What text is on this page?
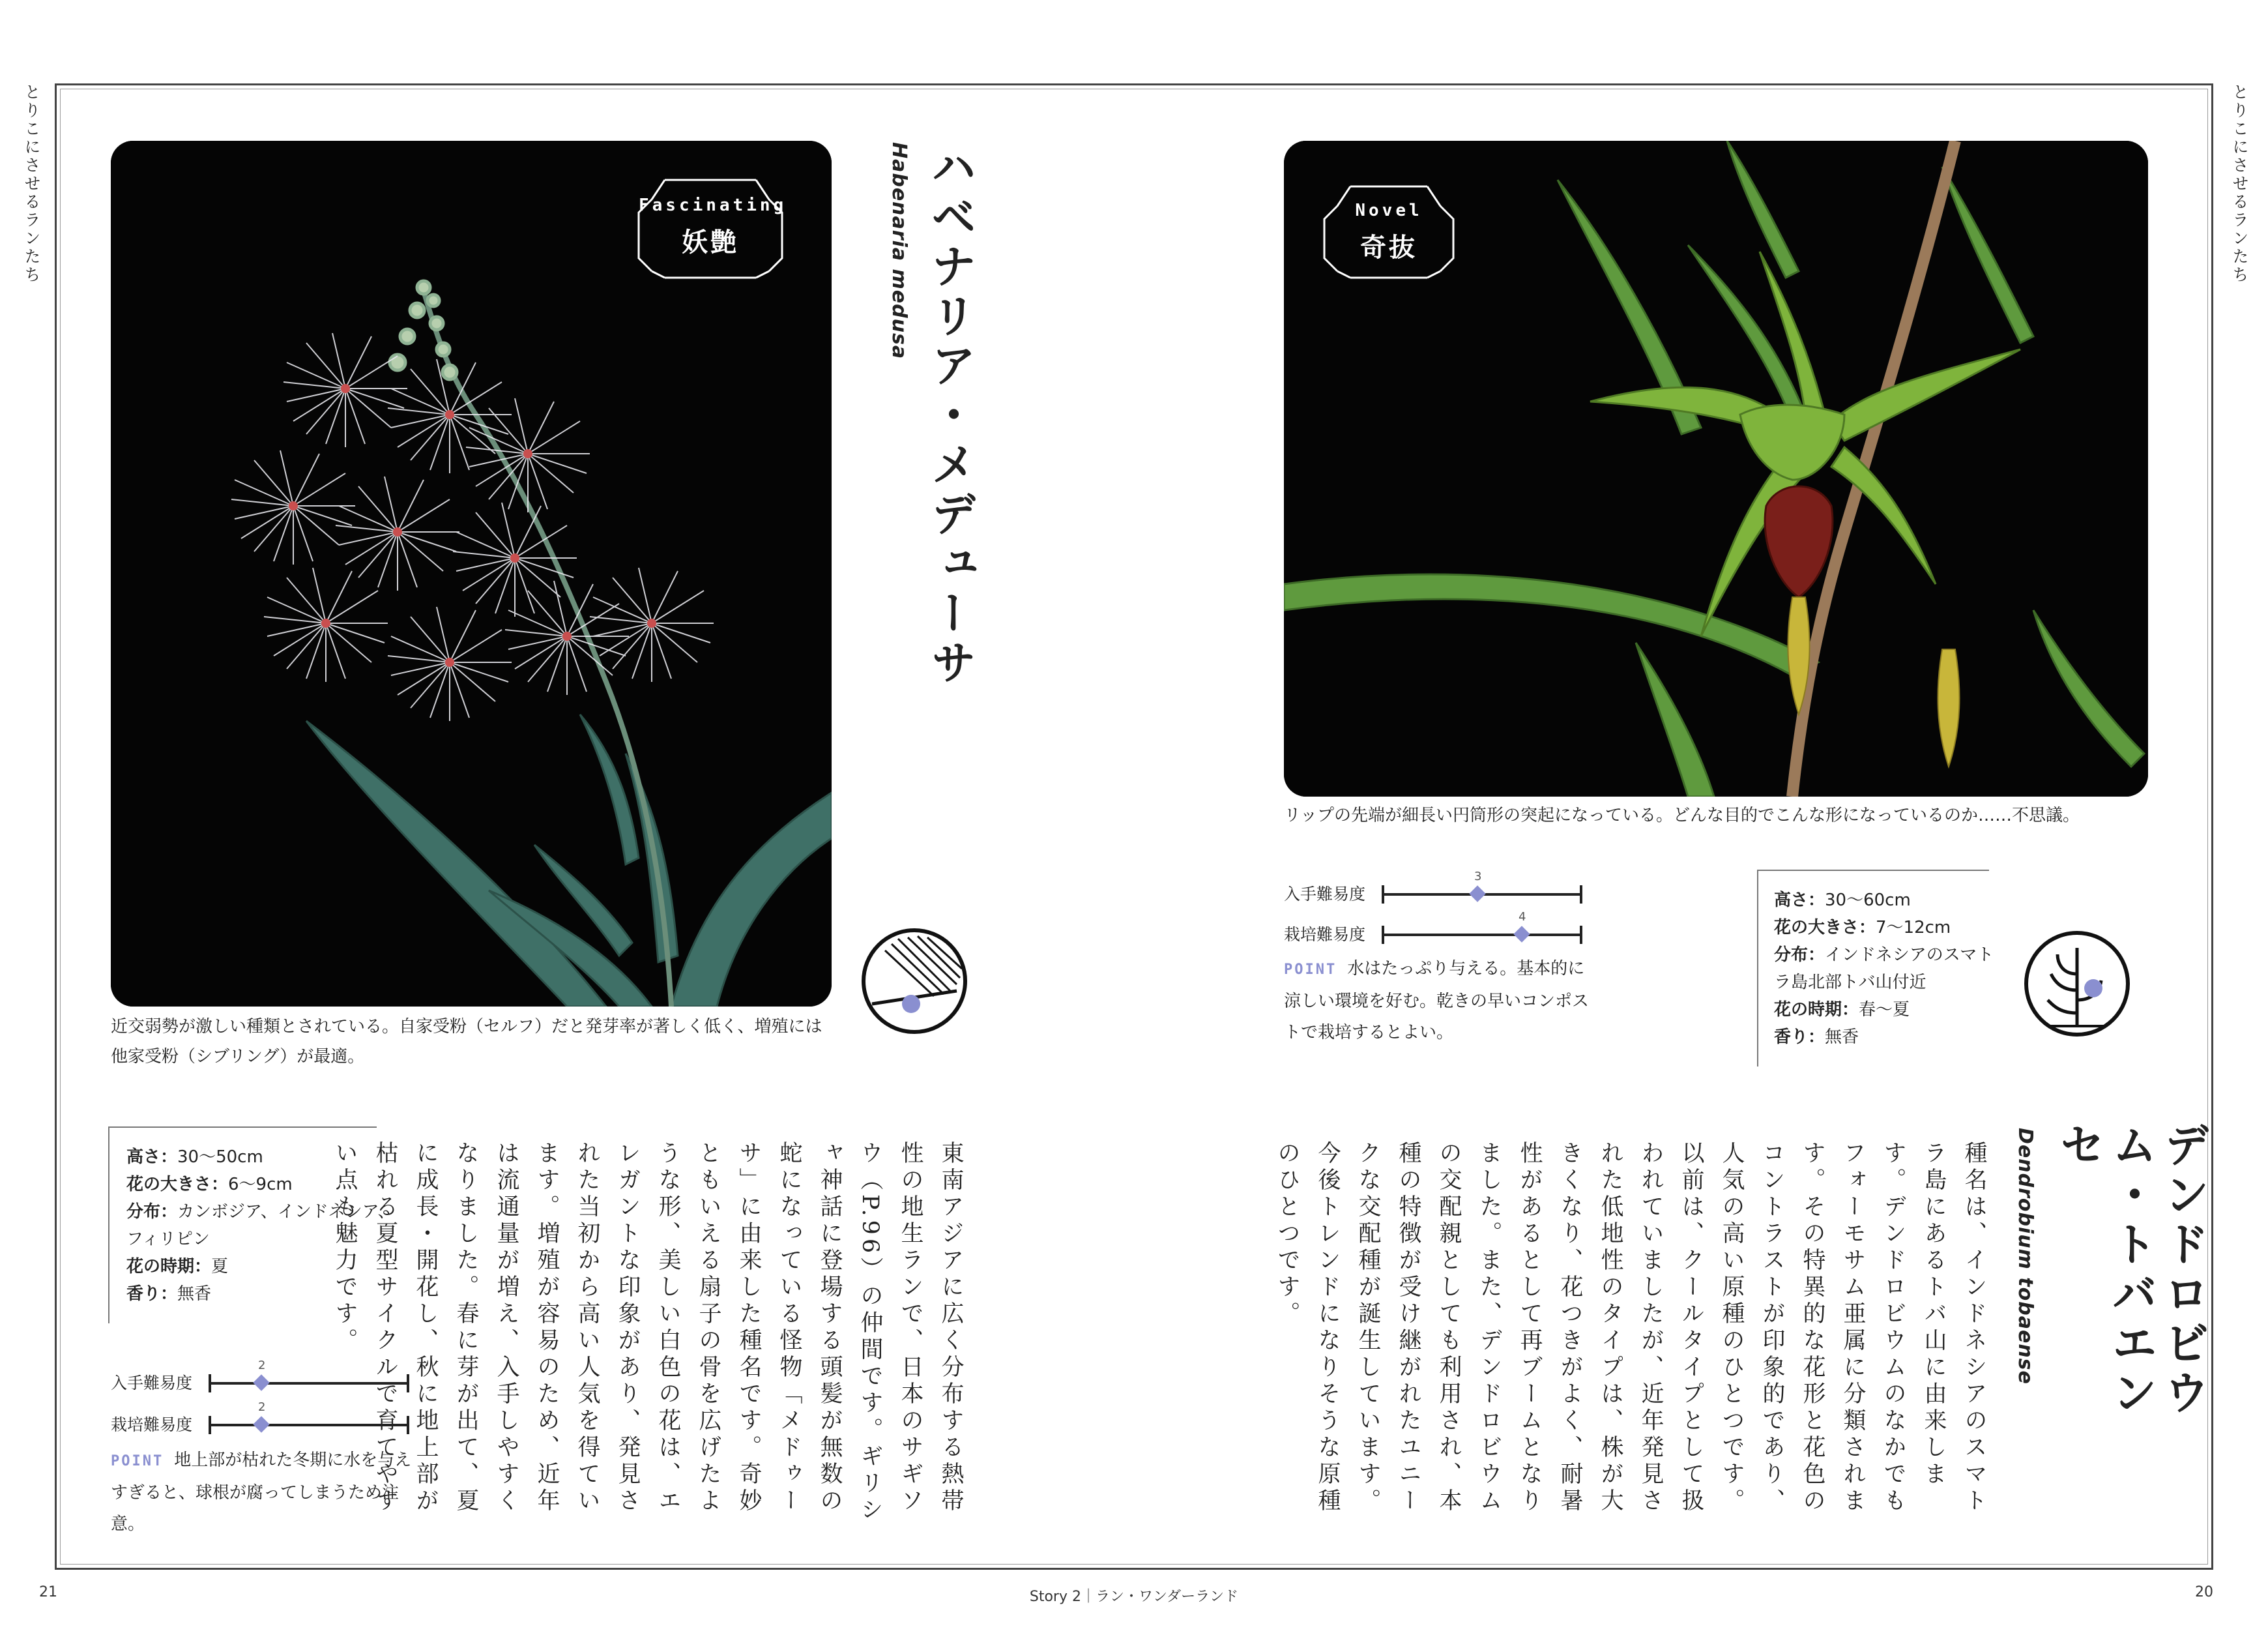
とりこにさせるランたち	とりこにさせるランたち
Fascinating
妖艶	ハベナリア・メデューサ
Habenaria medusa
近交弱勢が激しい種類とされている。自家受粉（セルフ）だと発芽率が著しく低く、増殖には他家受粉（シブリング）が最適。
高さ：30〜50cm
花の大きさ：6〜9cm
分布：カンボジア、インドネシア、フィリピン
花の時期：夏
香り：無香
入手難易度
2
栽培難易度
2
POINT 地上部が枯れた冬期に水を与えすぎると、球根が腐ってしまうため注意。
東南アジアに広く分布する熱帯性の地生ランで、日本のサギソウ（P.96）の仲間です。ギリシャ神話に登場する頭髪が無数の蛇になっている怪物「メドゥーサ」に由来した種名です。奇妙ともいえる扇子の骨を広げたような形、美しい白色の花は、エレガントな印象があり、発見された当初から高い人気を得ています。増殖が容易のため、近年は流通量が増え、入手しやすくなりました。春に芽が出て、夏に成長・開花し、秋に地上部が枯れる夏型サイクルで育てやすい点も魅力です。
21
Novel
奇抜
リップの先端が細長い円筒形の突起になっている。どんな目的でこんな形になっているのか……不思議。
入手難易度
3
栽培難易度
4
POINT 水はたっぷり与える。基本的に涼しい環境を好む。乾きの早いコンポストで栽培するとよい。
高さ：30〜60cm
花の大きさ：7〜12cm
分布：インドネシアのスマトラ島北部トバ山付近
花の時期：春〜夏
香り：無香
デンドロビウム・トバエンセ
Dendrobium tobaense
種名は、インドネシアのスマトラ島にあるトバ山に由来します。デンドロビウムのなかでもフォーモサム亜属に分類されます。その特異的な花形と花色のコントラストが印象的であり、人気の高い原種のひとつです。以前は、クールタイプとして扱われていましたが、近年発見された低地性のタイプは、株が大きくなり、花つきがよく、耐暑性があるとして再ブームとなりました。また、デンドロビウムの交配親としても利用され、本種の特徴が受け継がれたユニークな交配種が誕生しています。今後トレンドになりそうな原種のひとつです。
20
Story 2｜ラン・ワンダーランド
